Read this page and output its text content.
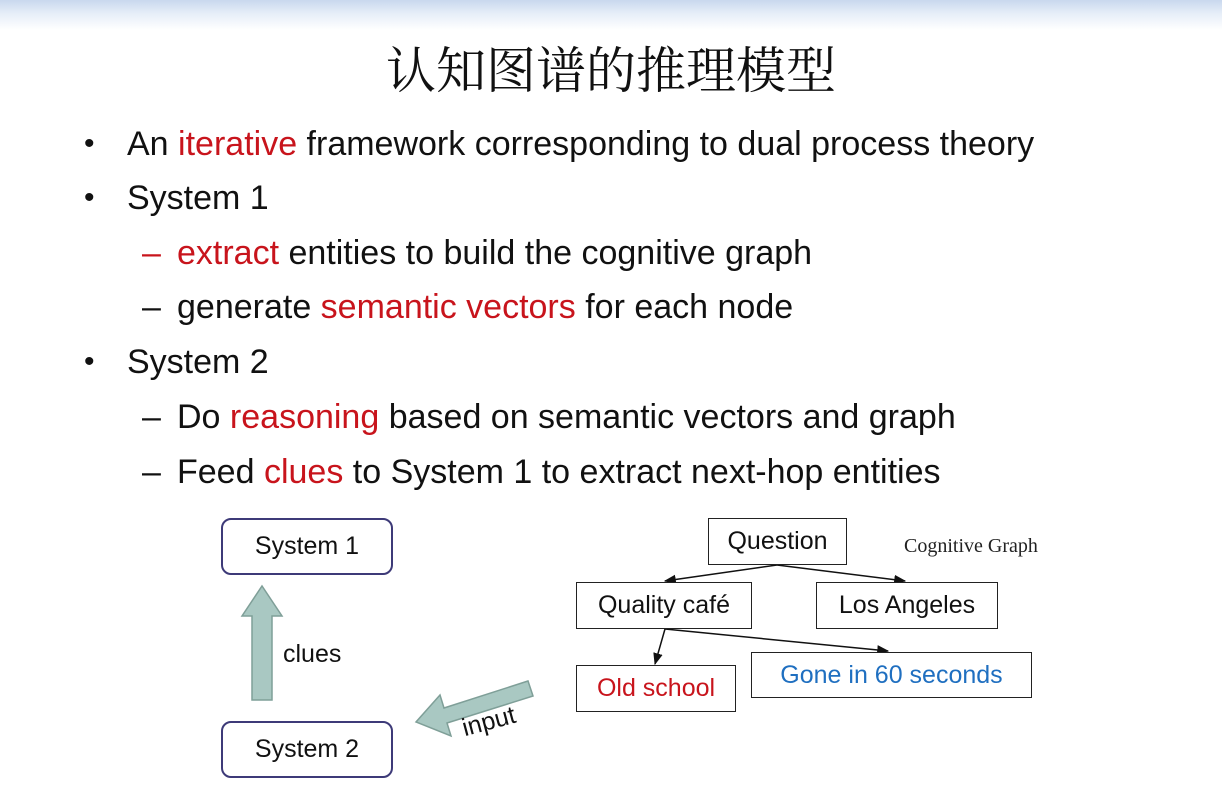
认知图谱的推理模型
• An iterative framework corresponding to dual process theory
• System 1
– extract entities to build the cognitive graph
– generate semantic vectors for each node
• System 2
– Do reasoning based on semantic vectors and graph
– Feed clues to System 1 to extract next-hop entities
System 1
System 2
clues
input
Question	Cognitive Graph
Quality café	Los Angeles
Old school	Gone in 60 seconds
